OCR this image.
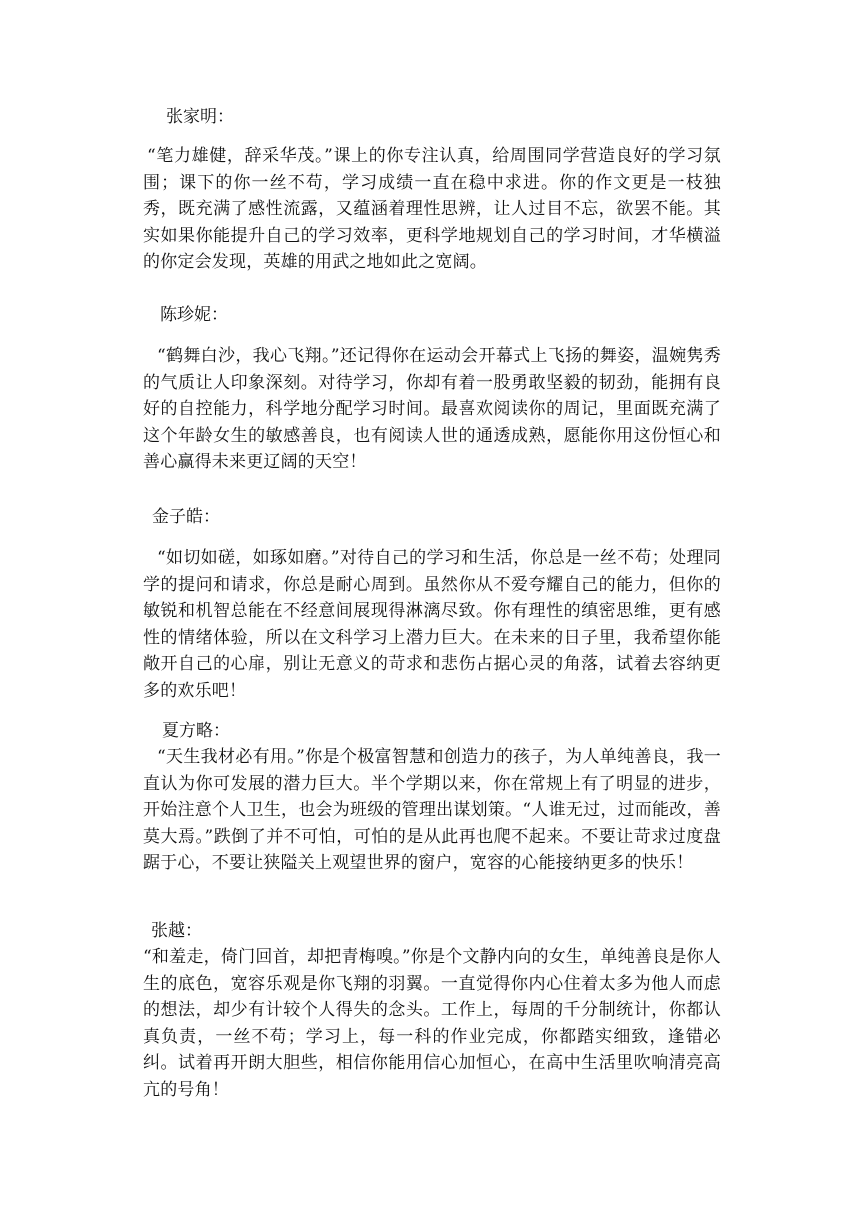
张家明：
“笔力雄健，辞采华茂。”课上的你专注认真，给周围同学营造良好的学习氛围；课下的你一丝不苟，学习成绩一直在稳中求进。你的作文更是一枝独秀，既充满了感性流露，又蕴涵着理性思辨，让人过目不忘，欲罢不能。其实如果你能提升自己的学习效率，更科学地规划自己的学习时间，才华横溢的你定会发现，英雄的用武之地如此之宽阔。
陈珍妮：
“鹤舞白沙，我心飞翔。”还记得你在运动会开幕式上飞扬的舞姿，温婉隽秀的气质让人印象深刻。对待学习，你却有着一股勇敢坚毅的韧劲，能拥有良好的自控能力，科学地分配学习时间。最喜欢阅读你的周记，里面既充满了这个年龄女生的敏感善良，也有阅读人世的通透成熟，愿能你用这份恒心和善心赢得未来更辽阔的天空！
金子皓：
“如切如磋，如琢如磨。”对待自己的学习和生活，你总是一丝不苟；处理同学的提问和请求，你总是耐心周到。虽然你从不爱夸耀自己的能力，但你的敏锐和机智总能在不经意间展现得淋漓尽致。你有理性的缜密思维，更有感性的情绪体验，所以在文科学习上潜力巨大。在未来的日子里，我希望你能敞开自己的心扉，别让无意义的苛求和悲伤占据心灵的角落，试着去容纳更多的欢乐吧！
夏方略：
“天生我材必有用。”你是个极富智慧和创造力的孩子，为人单纯善良，我一直认为你可发展的潜力巨大。半个学期以来，你在常规上有了明显的进步，开始注意个人卫生，也会为班级的管理出谋划策。“人谁无过，过而能改，善莫大焉。”跌倒了并不可怕，可怕的是从此再也爬不起来。不要让苛求过度盘踞于心，不要让狭隘关上观望世界的窗户，宽容的心能接纳更多的快乐！
张越：
“和羞走，倚门回首，却把青梅嗅。”你是个文静内向的女生，单纯善良是你人生的底色，宽容乐观是你飞翔的羽翼。一直觉得你内心住着太多为他人而虑的想法，却少有计较个人得失的念头。工作上，每周的千分制统计，你都认真负责，一丝不苟；学习上，每一科的作业完成，你都踏实细致，逢错必纠。试着再开朗大胆些，相信你能用信心加恒心，在高中生活里吹响清亮高亢的号角！
